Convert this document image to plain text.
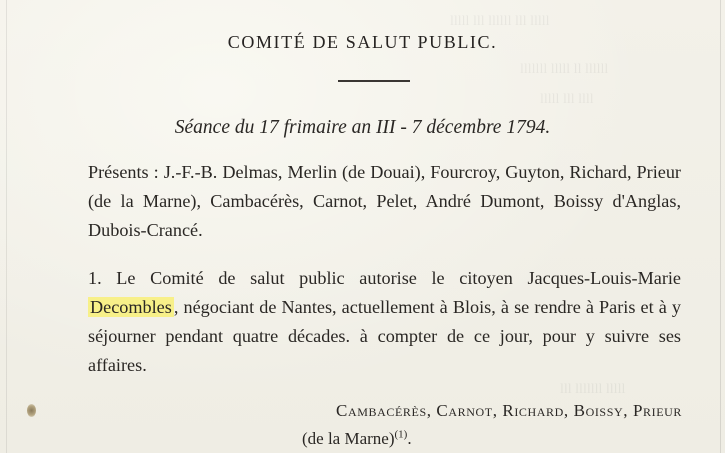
lllll lll llllll lll lllll
lllllll lllll ll llllll
lllll lll llll
lll lllllll lllll
COMITÉ DE SALUT PUBLIC.
Séance du 17 frimaire an III - 7 décembre 1794.
Présents : J.-F.-B. Delmas, Merlin (de Douai), Fourcroy, Guyton, Richard, Prieur (de la Marne), Cambacérès, Carnot, Pelet, André Dumont, Boissy d'Anglas, Dubois-Crancé.
1. Le Comité de salut public autorise le citoyen Jacques-Louis-Marie Decombles , négociant de Nantes, actuellement à Blois, à se rendre à Paris et à y séjourner pendant quatre décades. à compter de ce jour, pour y suivre ses affaires.
Cambacérès, Carnot, Richard, Boissy, Prieur
(de la Marne)$^{(1)}$.
